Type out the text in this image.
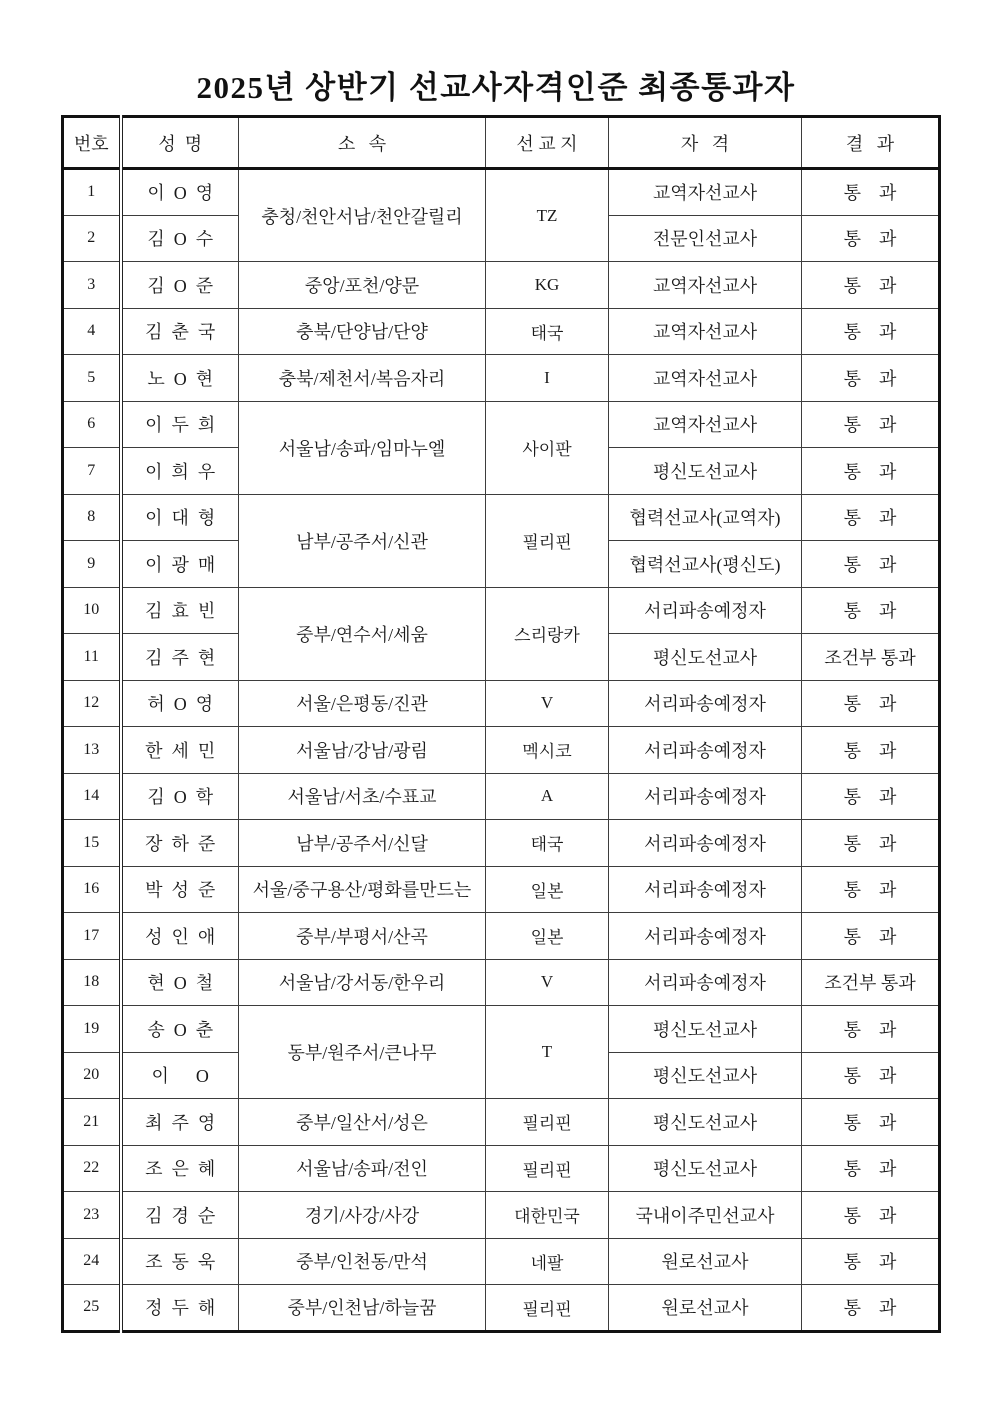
2025년 상반기 선교사자격인준 최종통과자
번호	성  명	소   속	선 교 지	자   격	결   과
1	이  O  영	충청/천안서남/천안갈릴리	TZ	교역자선교사	통    과
2	김  O  수			전문인선교사	통    과
3	김  O  준	중앙/포천/양문	KG	교역자선교사	통    과
4	김  춘  국	충북/단양남/단양	태국	교역자선교사	통    과
5	노  O  현	충북/제천서/복음자리	I	교역자선교사	통    과
6	이  두  희	서울남/송파/임마누엘	사이판	교역자선교사	통    과
7	이  희  우			평신도선교사	통    과
8	이  대  형	남부/공주서/신관	필리핀	협력선교사(교역자)	통    과
9	이  광  매			협력선교사(평신도)	통    과
10	김  효  빈	중부/연수서/세움	스리랑카	서리파송예정자	통    과
11	김  주  현			평신도선교사	조건부 통과
12	허  O  영	서울/은평동/진관	V	서리파송예정자	통    과
13	한  세  민	서울남/강남/광림	멕시코	서리파송예정자	통    과
14	김  O  학	서울남/서초/수표교	A	서리파송예정자	통    과
15	장  하  준	남부/공주서/신달	태국	서리파송예정자	통    과
16	박  성  준	서울/중구용산/평화를만드는	일본	서리파송예정자	통    과
17	성  인  애	중부/부평서/산곡	일본	서리파송예정자	통    과
18	현  O  철	서울남/강서동/한우리	V	서리파송예정자	조건부 통과
19	송  O  춘	동부/원주서/큰나무	T	평신도선교사	통    과
20	이      O			평신도선교사	통    과
21	최  주  영	중부/일산서/성은	필리핀	평신도선교사	통    과
22	조  은  혜	서울남/송파/전인	필리핀	평신도선교사	통    과
23	김  경  순	경기/사강/사강	대한민국	국내이주민선교사	통    과
24	조  동  욱	중부/인천동/만석	네팔	원로선교사	통    과
25	정  두  해	중부/인천남/하늘꿈	필리핀	원로선교사	통    과
